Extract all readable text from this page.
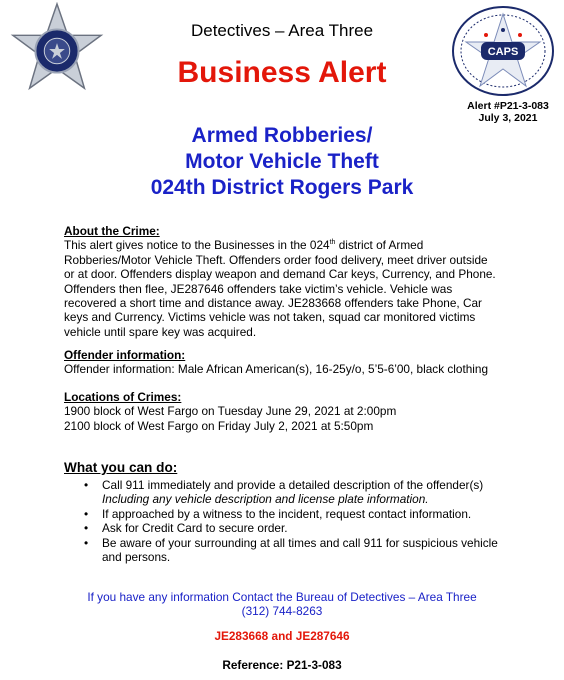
CAPS
Detectives – Area Three
Business Alert
Alert #P21-3-083
July 3, 2021
Armed Robberies/
Motor Vehicle Theft
024th District Rogers Park
About the Crime:
This alert gives notice to the Businesses in the 024th district of Armed
Robberies/Motor Vehicle Theft. Offenders order food delivery, meet driver outside
or at door. Offenders display weapon and demand Car keys, Currency, and Phone.
Offenders then flee, JE287646 offenders take victim’s vehicle. Vehicle was
recovered a short time and distance away. JE283668 offenders take Phone, Car
keys and Currency. Victims vehicle was not taken, squad car monitored victims
vehicle until spare key was acquired.
Offender information:
Offender information: Male African American(s), 16-25y/o, 5’5-6’00, black clothing
Locations of Crimes:
1900 block of West Fargo on Tuesday June 29, 2021 at 2:00pm
2100 block of West Fargo on Friday July 2, 2021 at 5:50pm
What you can do:
• Call 911 immediately and provide a detailed description of the offender(s)
Including any vehicle description and license plate information.
• If approached by a witness to the incident, request contact information.
• Ask for Credit Card to secure order.
• Be aware of your surrounding at all times and call 911 for suspicious vehicle
and persons.
If you have any information Contact the Bureau of Detectives – Area Three
(312) 744-8263
JE283668 and JE287646
Reference: P21-3-083
